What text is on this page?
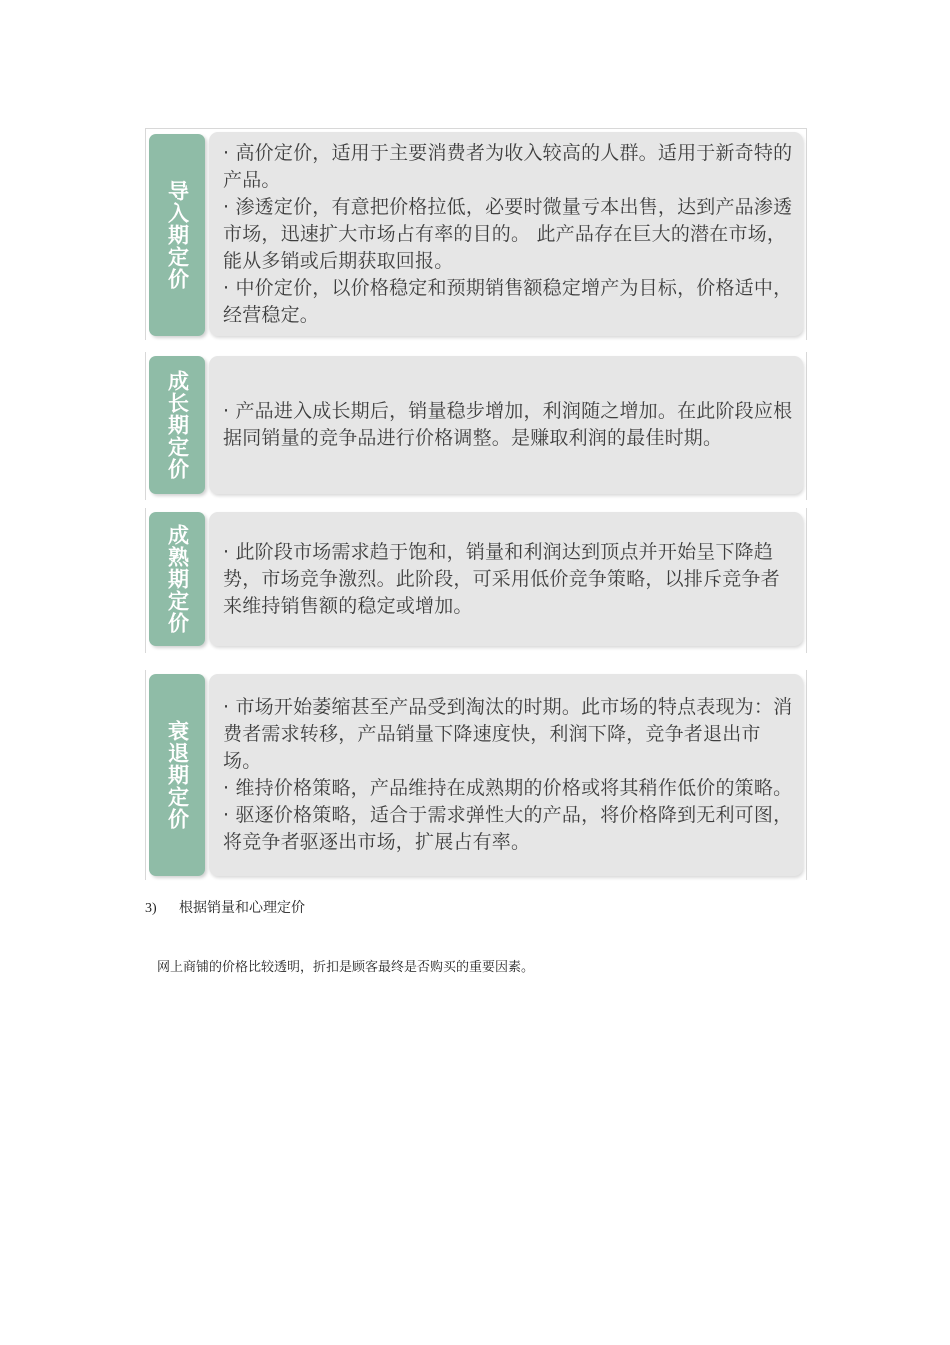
导入期定价

· 高价定价，适用于主要消费者为收入较高的人群。适用于新奇特的产品。

· 渗透定价，有意把价格拉低，必要时微量亏本出售，达到产品渗透市场，迅速扩大市场占有率的目的。 此产品存在巨大的潜在市场，能从多销或后期获取回报。

· 中价定价，以价格稳定和预期销售额稳定增产为目标，价格适中，经营稳定。

成长期定价 · 产品进入成长期后，销量稳步增加，利润随之增加。在此阶段应根据同销量的竞争品进行价格调整。是赚取利润的最佳时期。

成熟期定价 · 此阶段市场需求趋于饱和，销量和利润达到顶点并开始呈下降趋势，市场竞争激烈。此阶段，可采用低价竞争策略，以排斥竞争者来维持销售额的稳定或增加。

衰退期定价

· 市场开始萎缩甚至产品受到淘汰的时期。此市场的特点表现为：消费者需求转移，产品销量下降速度快，利润下降，竞争者退出市场。

· 维持价格策略，产品维持在成熟期的价格或将其稍作低价的策略。

· 驱逐价格策略，适合于需求弹性大的产品，将价格降到无利可图，将竞争者驱逐出市场，扩展占有率。

3) 根据销量和心理定价
网上商铺的价格比较透明，折扣是顾客最终是否购买的重要因素。
